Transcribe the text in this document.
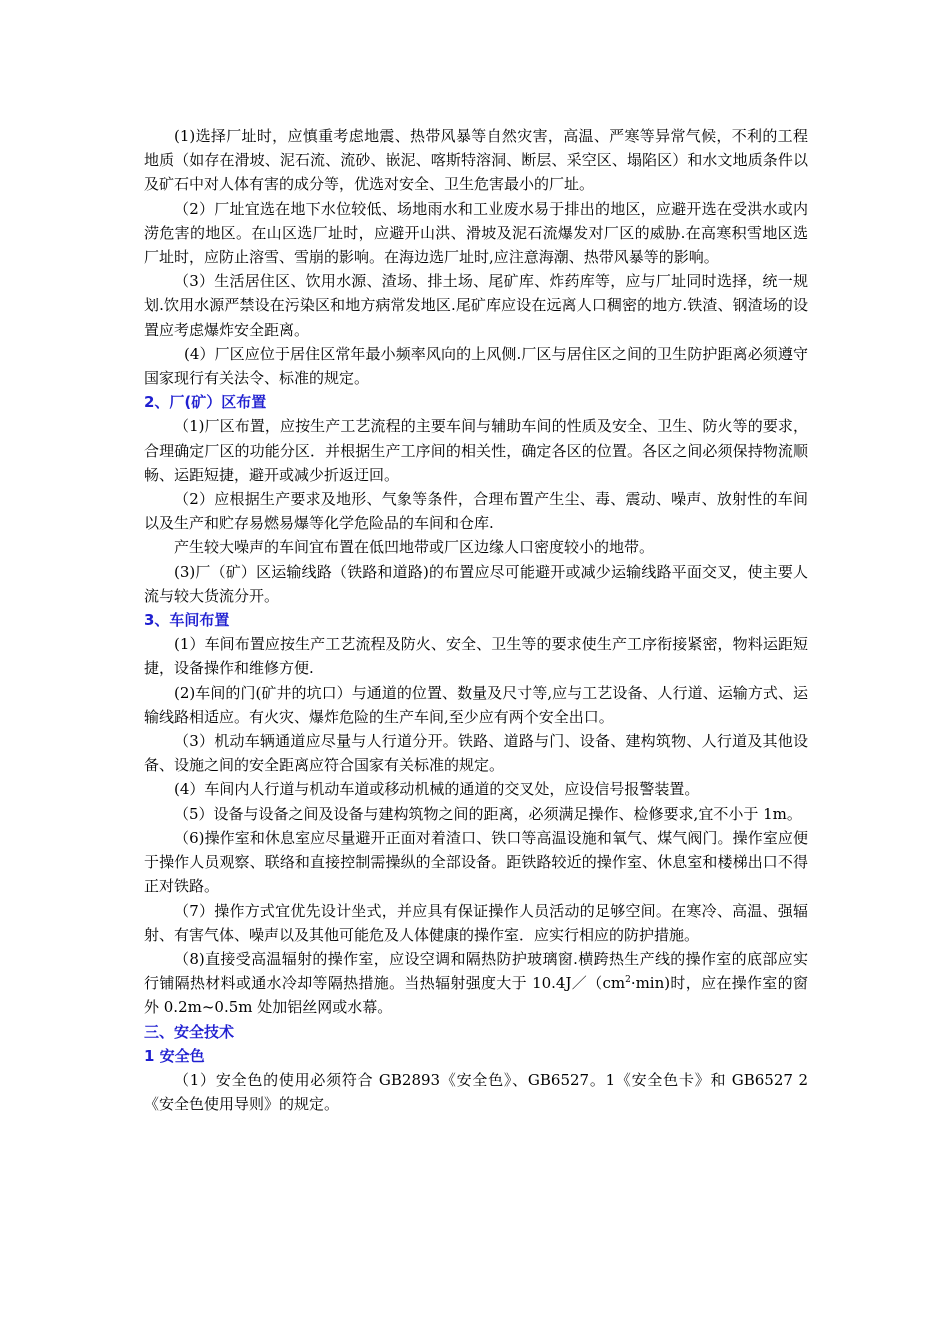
(1)选择厂址时，应慎重考虑地震、热带风暴等自然灾害，高温、严寒等异常气候，不利的工程地质（如存在滑坡、泥石流、流砂、嵌泥、喀斯特溶洞、断层、采空区、塌陷区）和水文地质条件以及矿石中对人体有害的成分等，优选对安全、卫生危害最小的厂址。

（2）厂址宜选在地下水位较低、场地雨水和工业废水易于排出的地区，应避开选在受洪水或内涝危害的地区。在山区选厂址时，应避开山洪、滑坡及泥石流爆发对厂区的威胁.在高寒积雪地区选厂址时，应防止溶雪、雪崩的影响。在海边选厂址时,应注意海潮、热带风暴等的影响。

（3）生活居住区、饮用水源、渣场、排土场、尾矿库、炸药库等，应与厂址同时选择，统一规划.饮用水源严禁设在污染区和地方病常发地区.尾矿库应设在远离人口稠密的地方.铁渣、钢渣场的设置应考虑爆炸安全距离。

(4）厂区应位于居住区常年最小频率风向的上风侧.厂区与居住区之间的卫生防护距离必须遵守国家现行有关法令、标准的规定。

2、厂(矿）区布置

（1)厂区布置，应按生产工艺流程的主要车间与辅助车间的性质及安全、卫生、防火等的要求，合理确定厂区的功能分区．并根据生产工序间的相关性，确定各区的位置。各区之间必须保持物流顺畅、运距短捷，避开或减少折返迂回。

（2）应根据生产要求及地形、气象等条件，合理布置产生尘、毒、震动、噪声、放射性的车间以及生产和贮存易燃易爆等化学危险品的车间和仓库.

产生较大噪声的车间宜布置在低凹地带或厂区边缘人口密度较小的地带。

(3)厂（矿）区运输线路（铁路和道路)的布置应尽可能避开或减少运输线路平面交叉，使主要人流与较大货流分开。

3、车间布置

(1）车间布置应按生产工艺流程及防火、安全、卫生等的要求使生产工序衔接紧密，物料运距短捷，设备操作和维修方便.

(2)车间的门(矿井的坑口）与通道的位置、数量及尺寸等,应与工艺设备、人行道、运输方式、运输线路相适应。有火灾、爆炸危险的生产车间,至少应有两个安全出口。

（3）机动车辆通道应尽量与人行道分开。铁路、道路与门、设备、建构筑物、人行道及其他设备、设施之间的安全距离应符合国家有关标准的规定。

(4）车间内人行道与机动车道或移动机械的通道的交叉处，应设信号报警装置。

（5）设备与设备之间及设备与建构筑物之间的距离，必须满足操作、检修要求,宜不小于 1m。

（6)操作室和休息室应尽量避开正面对着渣口、铁口等高温设施和氧气、煤气阀门。操作室应便于操作人员观察、联络和直接控制需操纵的全部设备。距铁路较近的操作室、休息室和楼梯出口不得正对铁路。

（7）操作方式宜优先设计坐式，并应具有保证操作人员活动的足够空间。在寒冷、高温、强辐射、有害气体、噪声以及其他可能危及人体健康的操作室．应实行相应的防护措施。

（8)直接受高温辐射的操作室，应设空调和隔热防护玻璃窗.横跨热生产线的操作室的底部应实行铺隔热材料或通水冷却等隔热措施。当热辐射强度大于 $10.4J/(cm^2\cdot\min)$时，应在操作室的窗外 0.2m~0.5m 处加铝丝网或水幕。

三、安全技术

1 安全色

（1）安全色的使用必须符合 GB2893《安全色》、GB6527。1《安全色卡》和 GB6527 2《安全色使用导则》的规定。
